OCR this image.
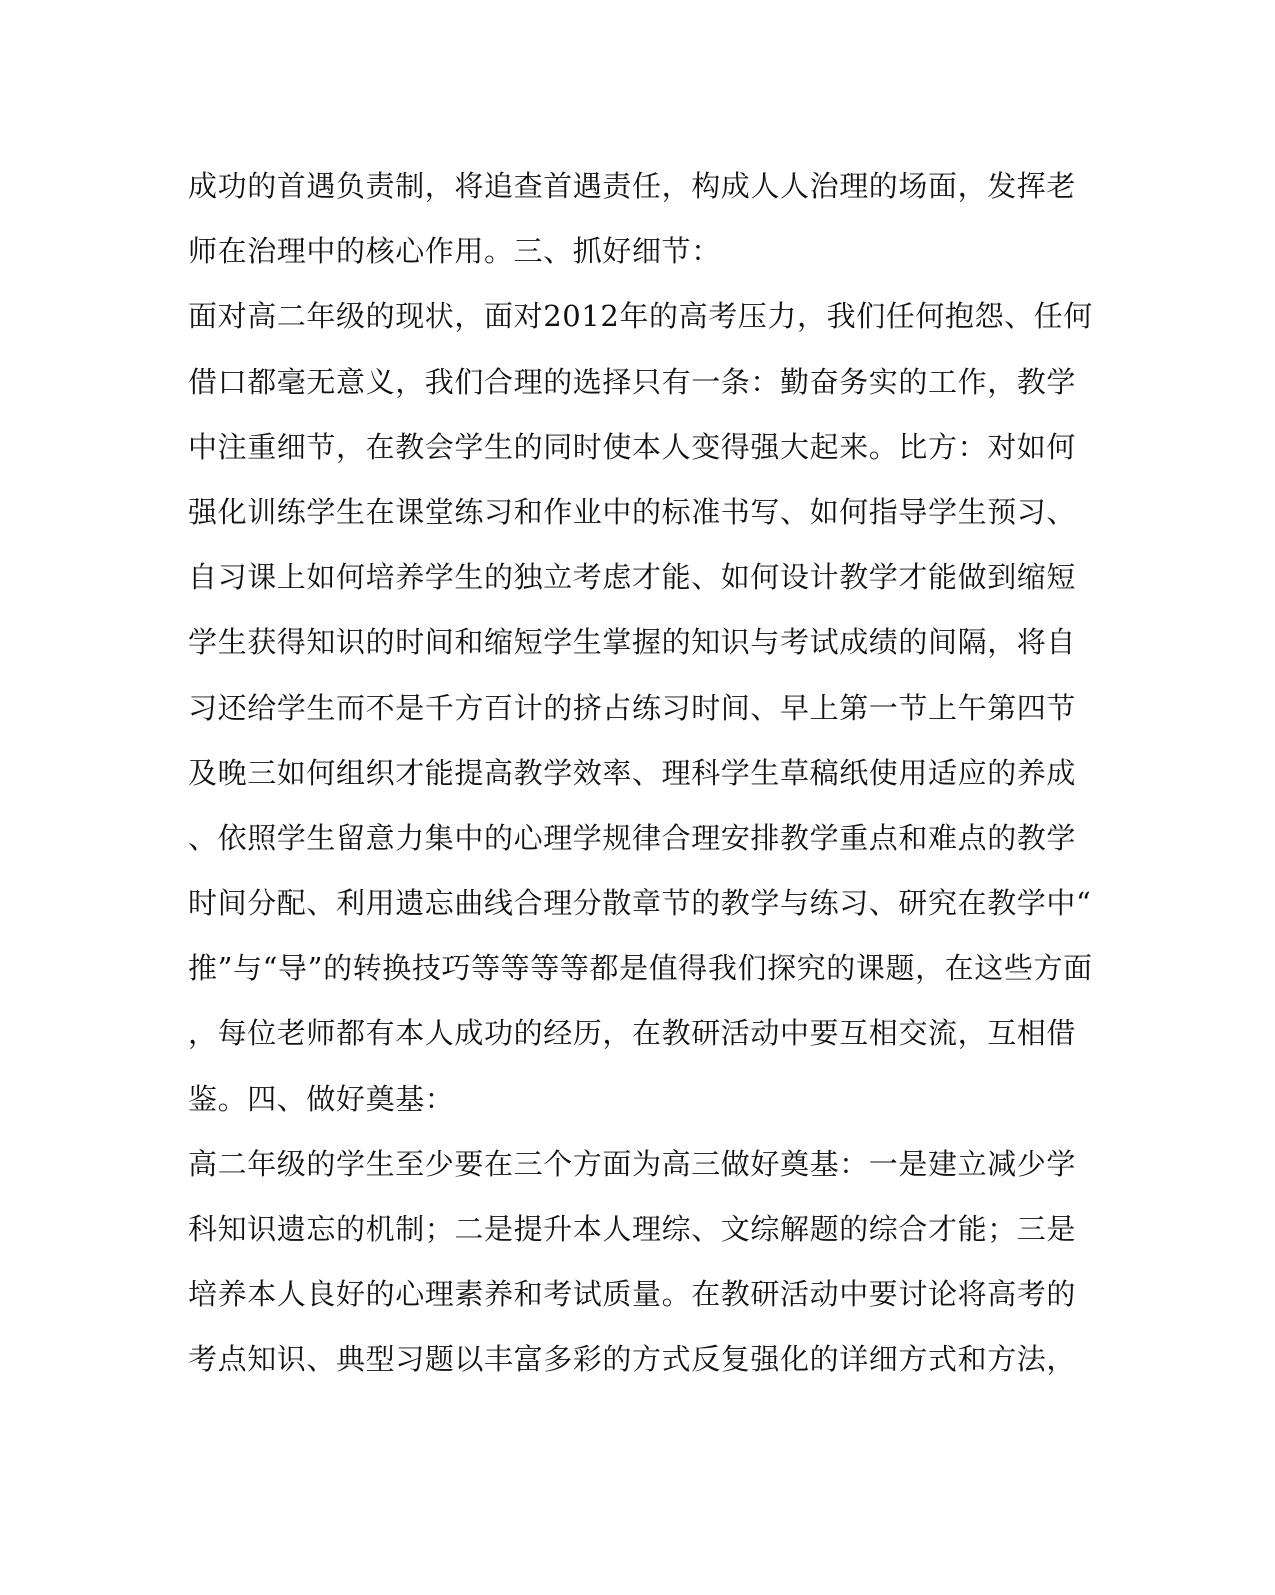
成功的首遇负责制，将追查首遇责任，构成人人治理的场面，发挥老
师在治理中的核心作用。三、抓好细节：
面对高二年级的现状，面对2012年的高考压力，我们任何抱怨、任何
借口都毫无意义，我们合理的选择只有一条：勤奋务实的工作，教学
中注重细节，在教会学生的同时使本人变得强大起来。比方：对如何
强化训练学生在课堂练习和作业中的标准书写、如何指导学生预习、
自习课上如何培养学生的独立考虑才能、如何设计教学才能做到缩短
学生获得知识的时间和缩短学生掌握的知识与考试成绩的间隔，将自
习还给学生而不是千方百计的挤占练习时间、早上第一节上午第四节
及晚三如何组织才能提高教学效率、理科学生草稿纸使用适应的养成
、依照学生留意力集中的心理学规律合理安排教学重点和难点的教学
时间分配、利用遗忘曲线合理分散章节的教学与练习、研究在教学中“
推”与“导”的转换技巧等等等等都是值得我们探究的课题，在这些方面
，每位老师都有本人成功的经历，在教研活动中要互相交流，互相借
鉴。四、做好奠基：
高二年级的学生至少要在三个方面为高三做好奠基：一是建立减少学
科知识遗忘的机制；二是提升本人理综、文综解题的综合才能；三是
培养本人良好的心理素养和考试质量。在教研活动中要讨论将高考的
考点知识、典型习题以丰富多彩的方式反复强化的详细方式和方法，
